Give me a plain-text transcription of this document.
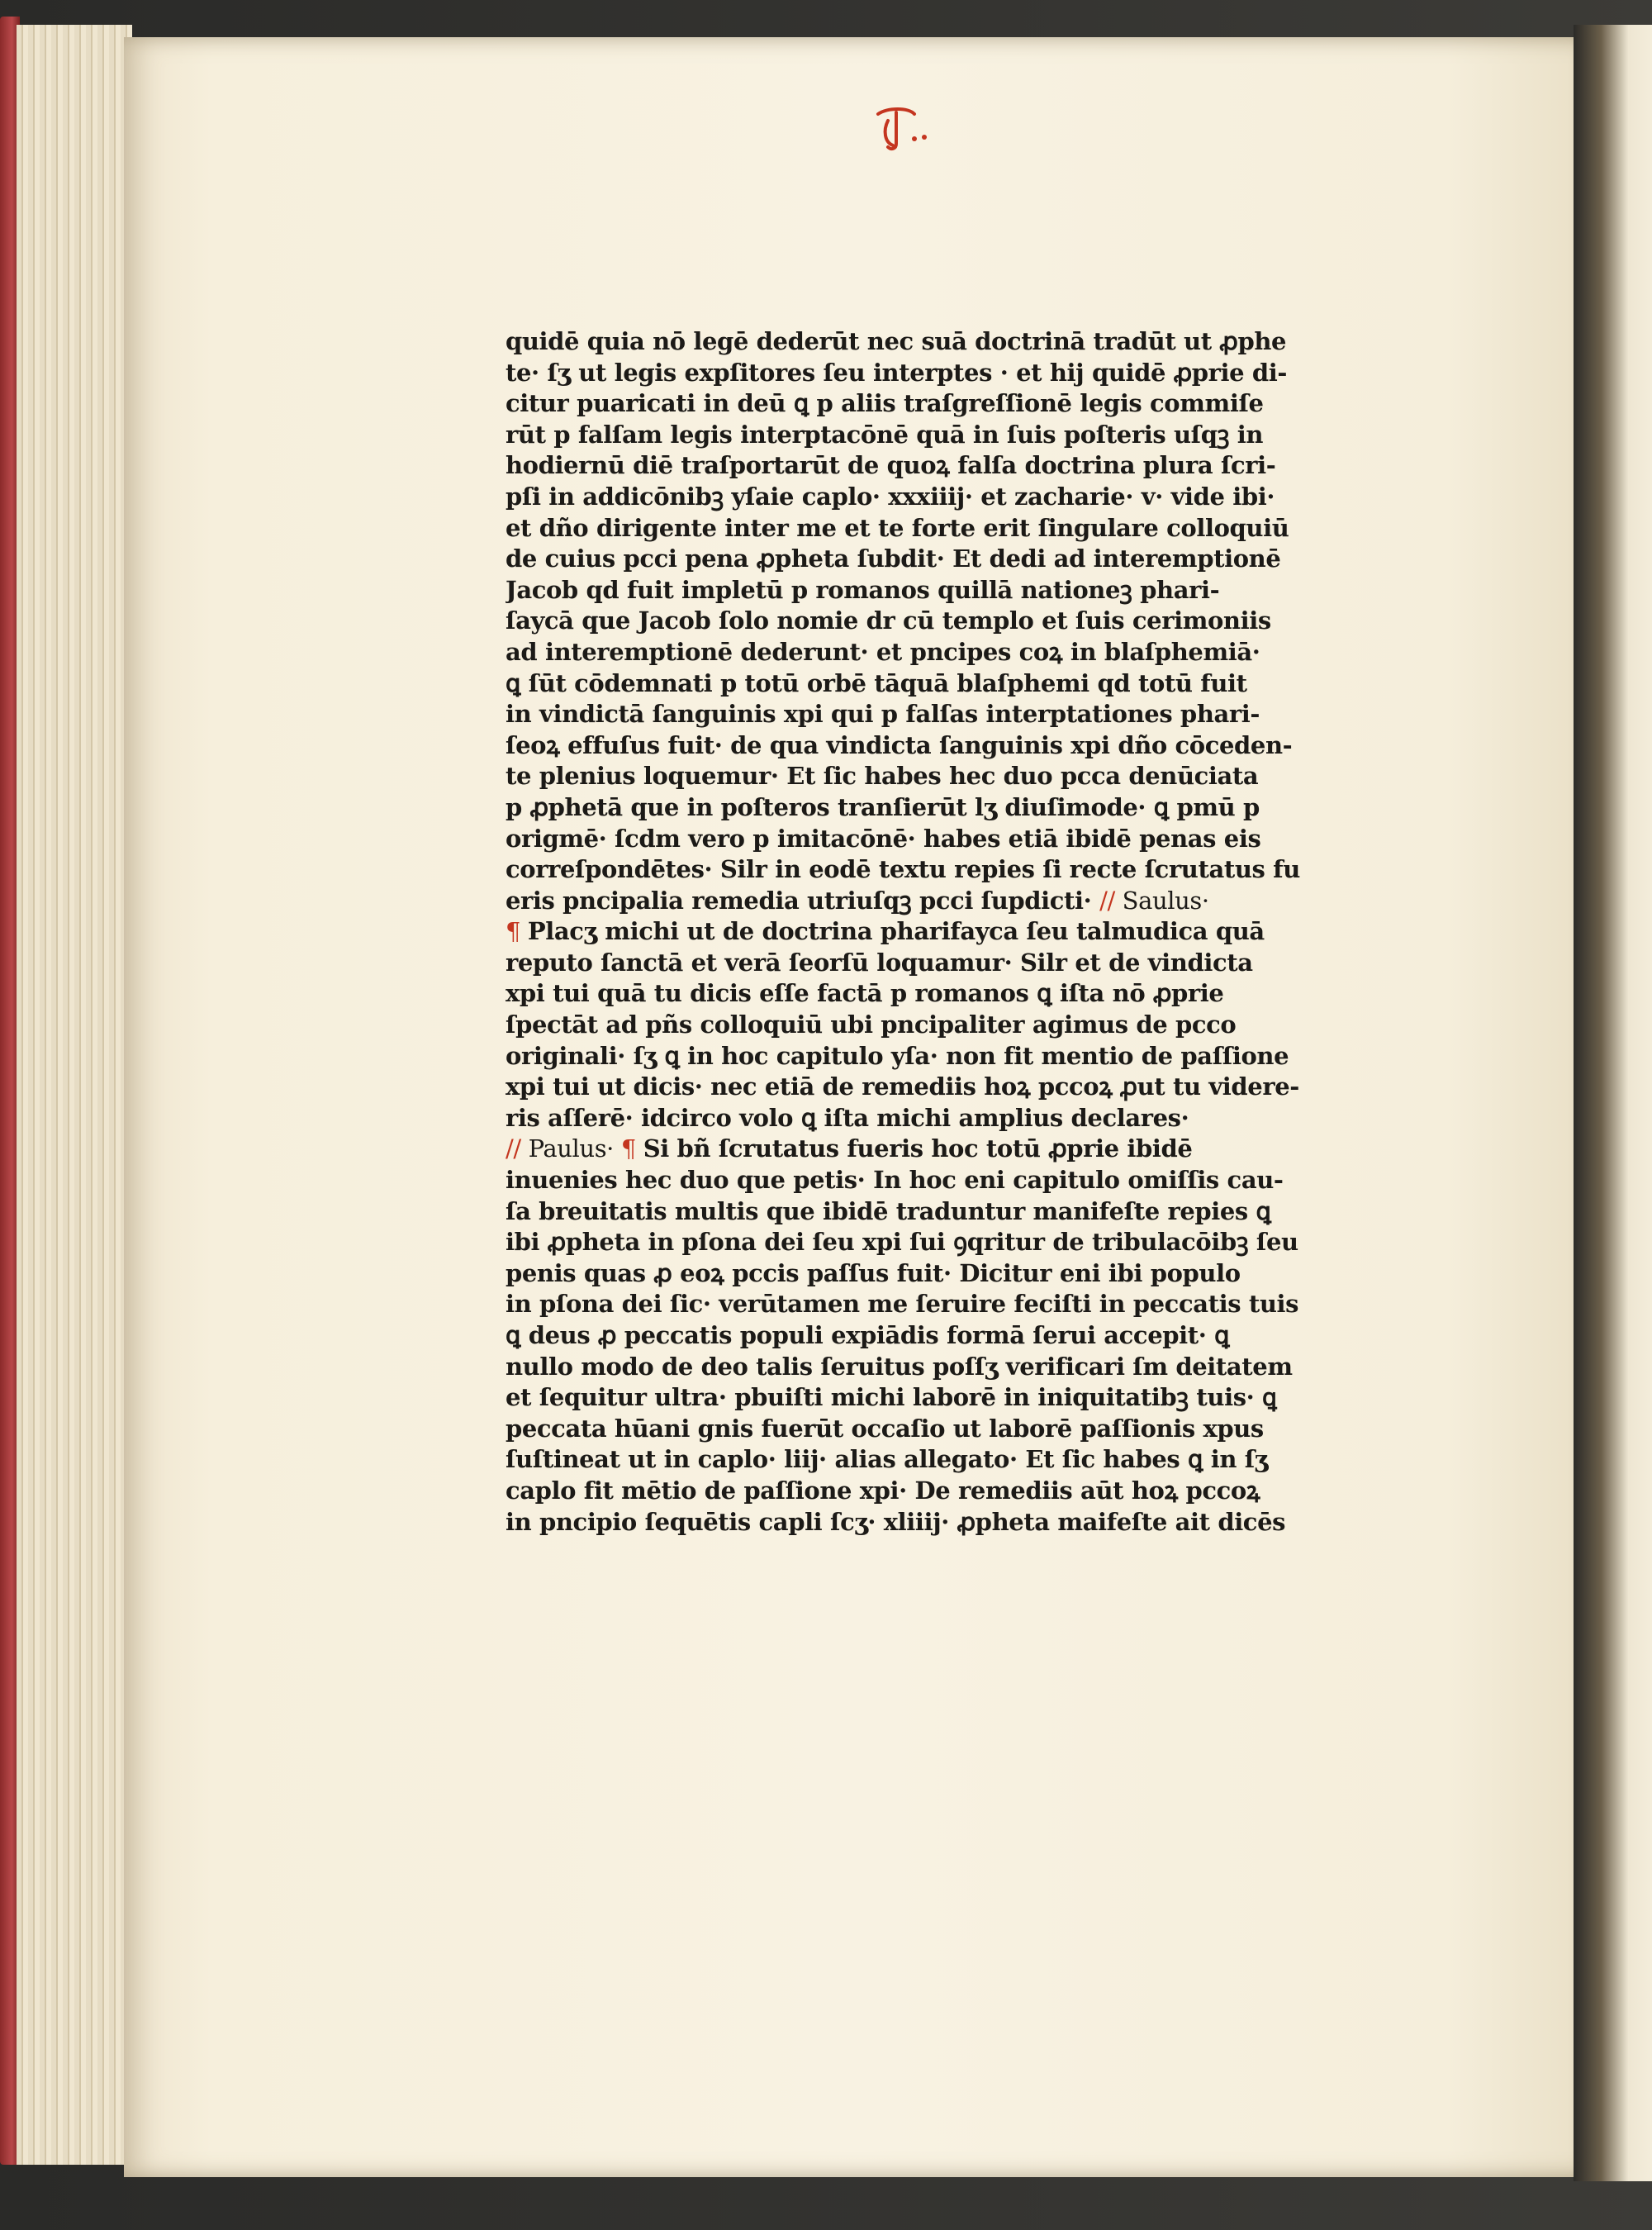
quidē quia nō legē dederūt nec suā doctrinā tradūt ut ꝓphe
te· ſʒ ut legis expſitores ſeu interptes · et hij quidē ꝓprie di-
citur puaricati in deū ꝗ p aliis traſgreſſionē legis commiſe
rūt p falſam legis interptacōnē quā in ſuis poſteris uſqꝫ in
hodiernū diē traſportarūt de quoꝝ falſa doctrina plura ſcri-
pſi in addicōnibꝫ yſaie caplo· xxxiiij· et zacharie· v· vide ibi·
et dño dirigente inter me et te forte erit ſingulare colloquiū
de cuius pcci pena ꝓpheta ſubdit· Et dedi ad interemptionē
Jacob qd fuit impletū p romanos quillā nationeꝫ phari-
ſaycā que Jacob ſolo nomie dr cū templo et ſuis cerimoniis
ad interemptionē dederunt· et pncipes coꝝ in blaſphemiā·
ꝗ ſūt cōdemnati p totū orbē tāquā blaſphemi qd totū fuit
in vindictā ſanguinis xpi qui p falſas interptationes phari-
ſeoꝝ effuſus fuit· de qua vindicta ſanguinis xpi dño cōceden-
te plenius loquemur· Et ſic habes hec duo pcca denūciata
p ꝓphetā que in poſteros tranſierūt lʒ diuſimode· ꝗ pmū p
origmē· ſcdm vero p imitacōnē· habes etiā ibidē penas eis
correſpondētes· Silr in eodē textu repies ſi recte ſcrutatus fu
eris pncipalia remedia utriuſqꝫ pcci ſupdicti· // Saulus·
¶ Placʒ michi ut de doctrina pharifayca ſeu talmudica quā
reputo ſanctā et verā ſeorſū loquamur· Silr et de vindicta
xpi tui quā tu dicis eſſe factā p romanos ꝗ iſta nō ꝓprie
ſpectāt ad pñs colloquiū ubi pncipaliter agimus de pcco
originali· ſʒ ꝗ in hoc capitulo yſa· non fit mentio de paſſione
xpi tui ut dicis· nec etiā de remediis hoꝝ pccoꝝ ꝓut tu videre-
ris aſſerē· idcirco volo ꝗ iſta michi amplius declares·
// Paulus· ¶ Si bñ ſcrutatus fueris hoc totū ꝓprie ibidē
inuenies hec duo que petis· In hoc eni capitulo omiſſis cau-
ſa breuitatis multis que ibidē traduntur manifeſte repies ꝗ
ibi ꝓpheta in pſona dei ſeu xpi ſui ꝯqritur de tribulacōibꝫ ſeu
penis quas ꝓ eoꝝ pccis paſſus fuit· Dicitur eni ibi populo
in pſona dei ſic· verūtamen me ſeruire feciſti in peccatis tuis
ꝗ deus ꝓ peccatis populi expiādis formā ſerui accepit· ꝗ
nullo modo de deo talis ſeruitus poſſʒ verificari ſm deitatem
et ſequitur ultra· pbuiſti michi laborē in iniquitatibꝫ tuis· ꝗ
peccata hūani gnis fuerūt occaſio ut laborē paſſionis xpus
ſuſtineat ut in caplo· liij· alias allegato· Et ſic habes ꝗ in ſʒ
caplo fit mētio de paſſione xpi· De remediis aūt hoꝝ pccoꝝ
in pncipio ſequētis capli ſcʒ· xliiij· ꝓpheta maifeſte ait dicēs
